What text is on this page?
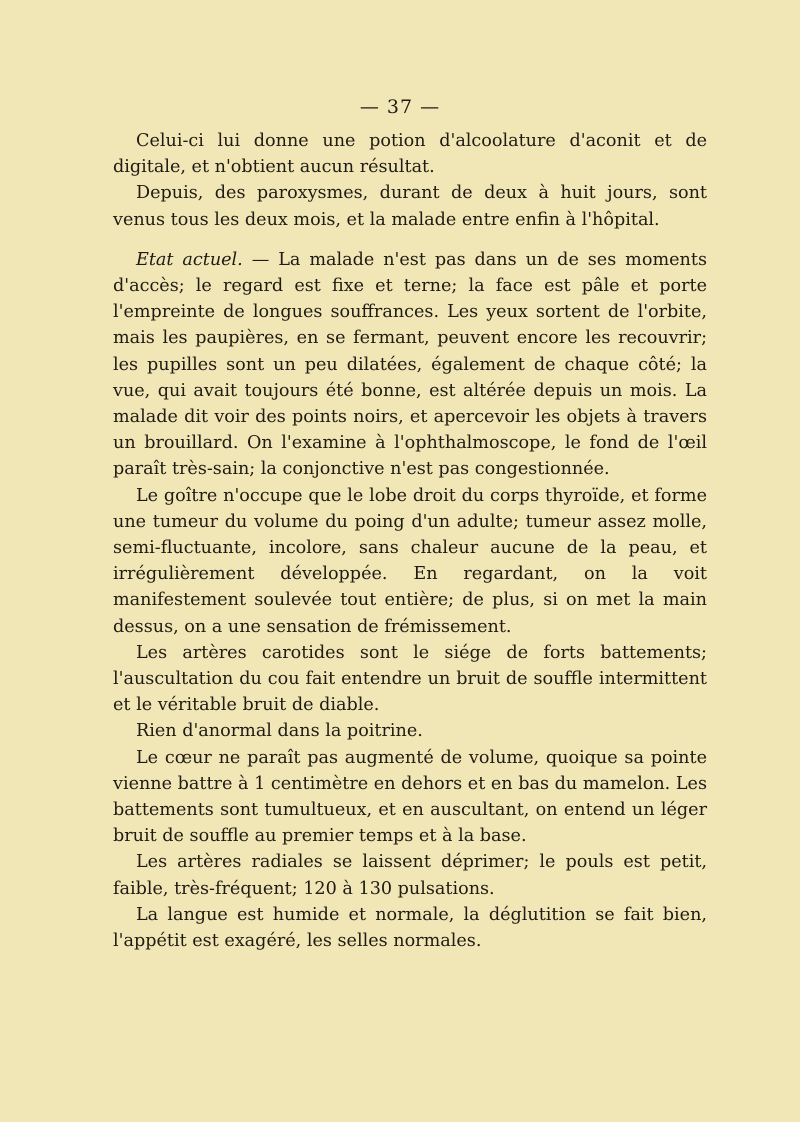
— 37 —

Celui-ci lui donne une potion d'alcoolature d'aconit et de digitale, et n'obtient aucun résultat.

Depuis, des paroxysmes, durant de deux à huit jours, sont venus tous les deux mois, et la malade entre enfin à l'hôpital.

Etat actuel. — La malade n'est pas dans un de ses moments d'accès; le regard est fixe et terne; la face est pâle et porte l'empreinte de longues souffrances. Les yeux sortent de l'orbite, mais les paupières, en se fermant, peuvent encore les recouvrir; les pupilles sont un peu dilatées, également de chaque côté; la vue, qui avait toujours été bonne, est altérée depuis un mois. La malade dit voir des points noirs, et apercevoir les objets à travers un brouillard. On l'examine à l'ophthalmoscope, le fond de l'œil paraît très-sain; la conjonctive n'est pas congestionnée.

Le goître n'occupe que le lobe droit du corps thyroïde, et forme une tumeur du volume du poing d'un adulte; tumeur assez molle, semi-fluctuante, incolore, sans chaleur aucune de la peau, et irrégulièrement développée. En regardant, on la voit manifestement soulevée tout entière; de plus, si on met la main dessus, on a une sensation de frémissement.

Les artères carotides sont le siége de forts battements; l'auscultation du cou fait entendre un bruit de souffle intermittent et le véritable bruit de diable.

Rien d'anormal dans la poitrine.

Le cœur ne paraît pas augmenté de volume, quoique sa pointe vienne battre à 1 centimètre en dehors et en bas du mamelon. Les battements sont tumultueux, et en auscultant, on entend un léger bruit de souffle au premier temps et à la base.

Les artères radiales se laissent déprimer; le pouls est petit, faible, très-fréquent; 120 à 130 pulsations.

La langue est humide et normale, la déglutition se fait bien, l'appétit est exagéré, les selles normales.
